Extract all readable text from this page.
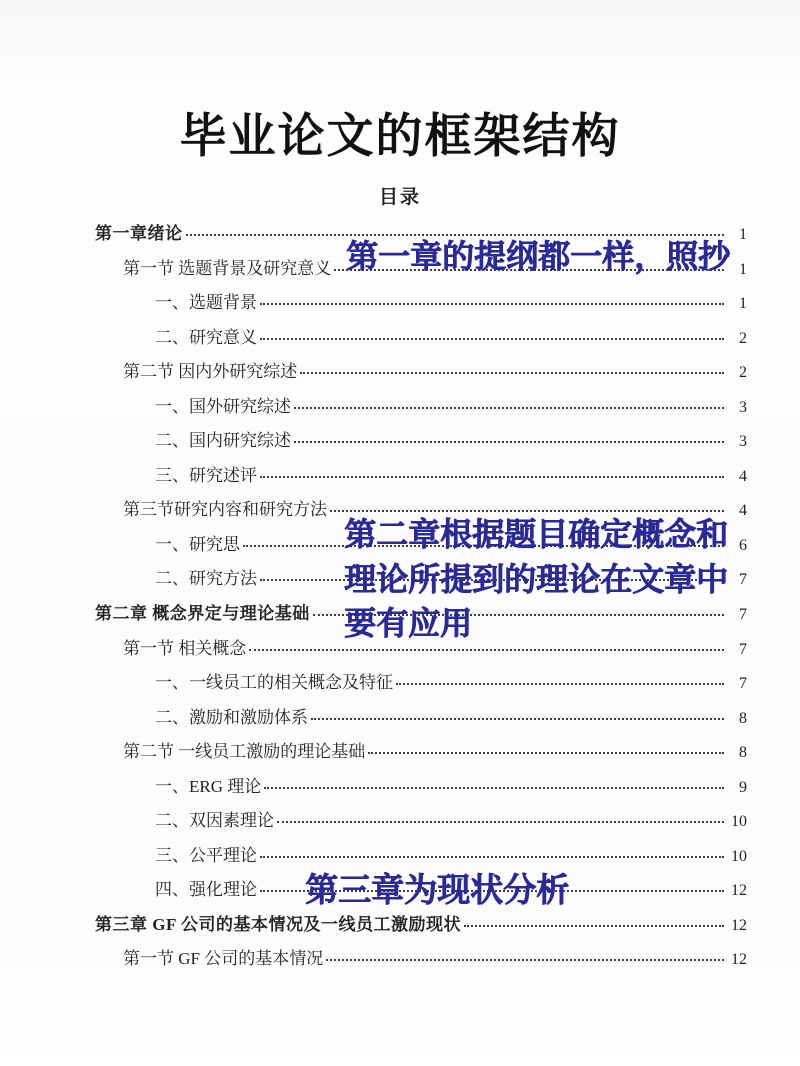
毕业论文的框架结构
目录
第一章绪论	1
第一节 选题背景及研究意义	1
一、选题背景	1
二、研究意义	2
第二节 因内外研究综述	2
一、国外研究综述	3
二、国内研究综述	3
三、研究述评	4
第三节研究内容和研究方法	4
一、研究思	6
二、研究方法	7
第二章 概念界定与理论基础	7
第一节 相关概念	7
一、一线员工的相关概念及特征	7
二、激励和激励体系	8
第二节 一线员工激励的理论基础	8
一、ERG 理论	9
二、双因素理论	10
三、公平理论	10
四、强化理论	12
第三章 GF 公司的基本情况及一线员工激励现状	12
第一节 GF 公司的基本情况	12
第一章的提纲都一样，照抄
第二章根据题目确定概念和
理论所提到的理论在文章中
要有应用
第三章为现状分析
